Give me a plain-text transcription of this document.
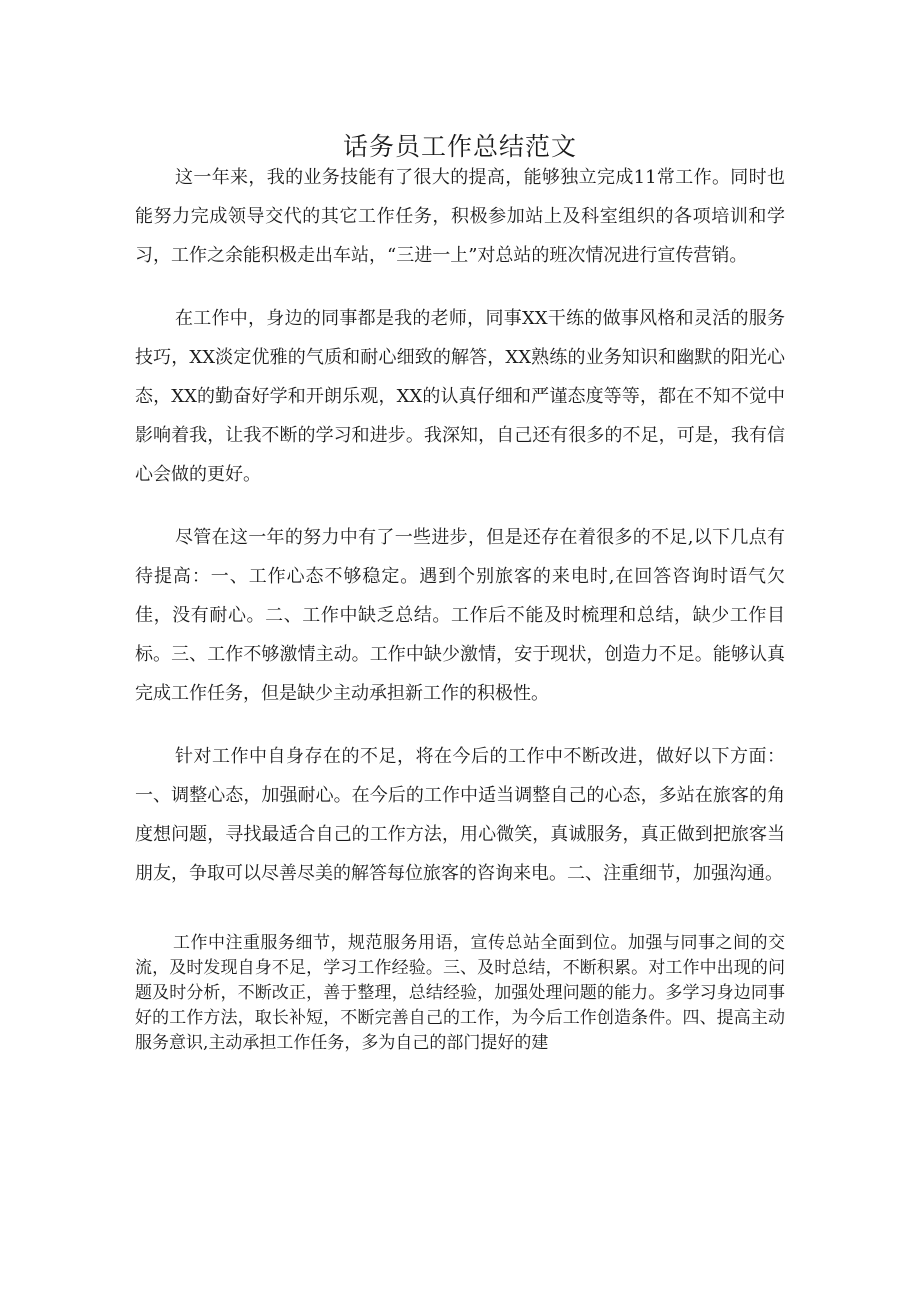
话务员工作总结范文

这一年来，我的业务技能有了很大的提高，能够独立完成11常工作。同时也能努力完成领导交代的其它工作任务，积极参加站上及科室组织的各项培训和学习，工作之余能积极走出车站，“三进一上”对总站的班次情况进行宣传营销。

在工作中，身边的同事都是我的老师，同事XX干练的做事风格和灵活的服务技巧，XX淡定优雅的气质和耐心细致的解答，XX熟练的业务知识和幽默的阳光心态，XX的勤奋好学和开朗乐观，XX的认真仔细和严谨态度等等，都在不知不觉中影响着我，让我不断的学习和进步。我深知，自己还有很多的不足，可是，我有信心会做的更好。

尽管在这一年的努力中有了一些进步，但是还存在着很多的不足,以下几点有待提高：一、工作心态不够稳定。遇到个别旅客的来电时,在回答咨询时语气欠佳，没有耐心。二、工作中缺乏总结。工作后不能及时梳理和总结，缺少工作目标。三、工作不够激情主动。工作中缺少激情，安于现状，创造力不足。能够认真完成工作任务，但是缺少主动承担新工作的积极性。

针对工作中自身存在的不足，将在今后的工作中不断改进，做好以下方面：一、调整心态，加强耐心。在今后的工作中适当调整自己的心态，多站在旅客的角度想问题，寻找最适合自己的工作方法，用心微笑，真诚服务，真正做到把旅客当朋友，争取可以尽善尽美的解答每位旅客的咨询来电。二、注重细节，加强沟通。

工作中注重服务细节，规范服务用语，宣传总站全面到位。加强与同事之间的交流，及时发现自身不足，学习工作经验。三、及时总结，不断积累。对工作中出现的问题及时分析，不断改正，善于整理，总结经验，加强处理问题的能力。多学习身边同事好的工作方法，取长补短，不断完善自己的工作，为今后工作创造条件。四、提高主动服务意识,主动承担工作任务，多为自己的部门提好的建
